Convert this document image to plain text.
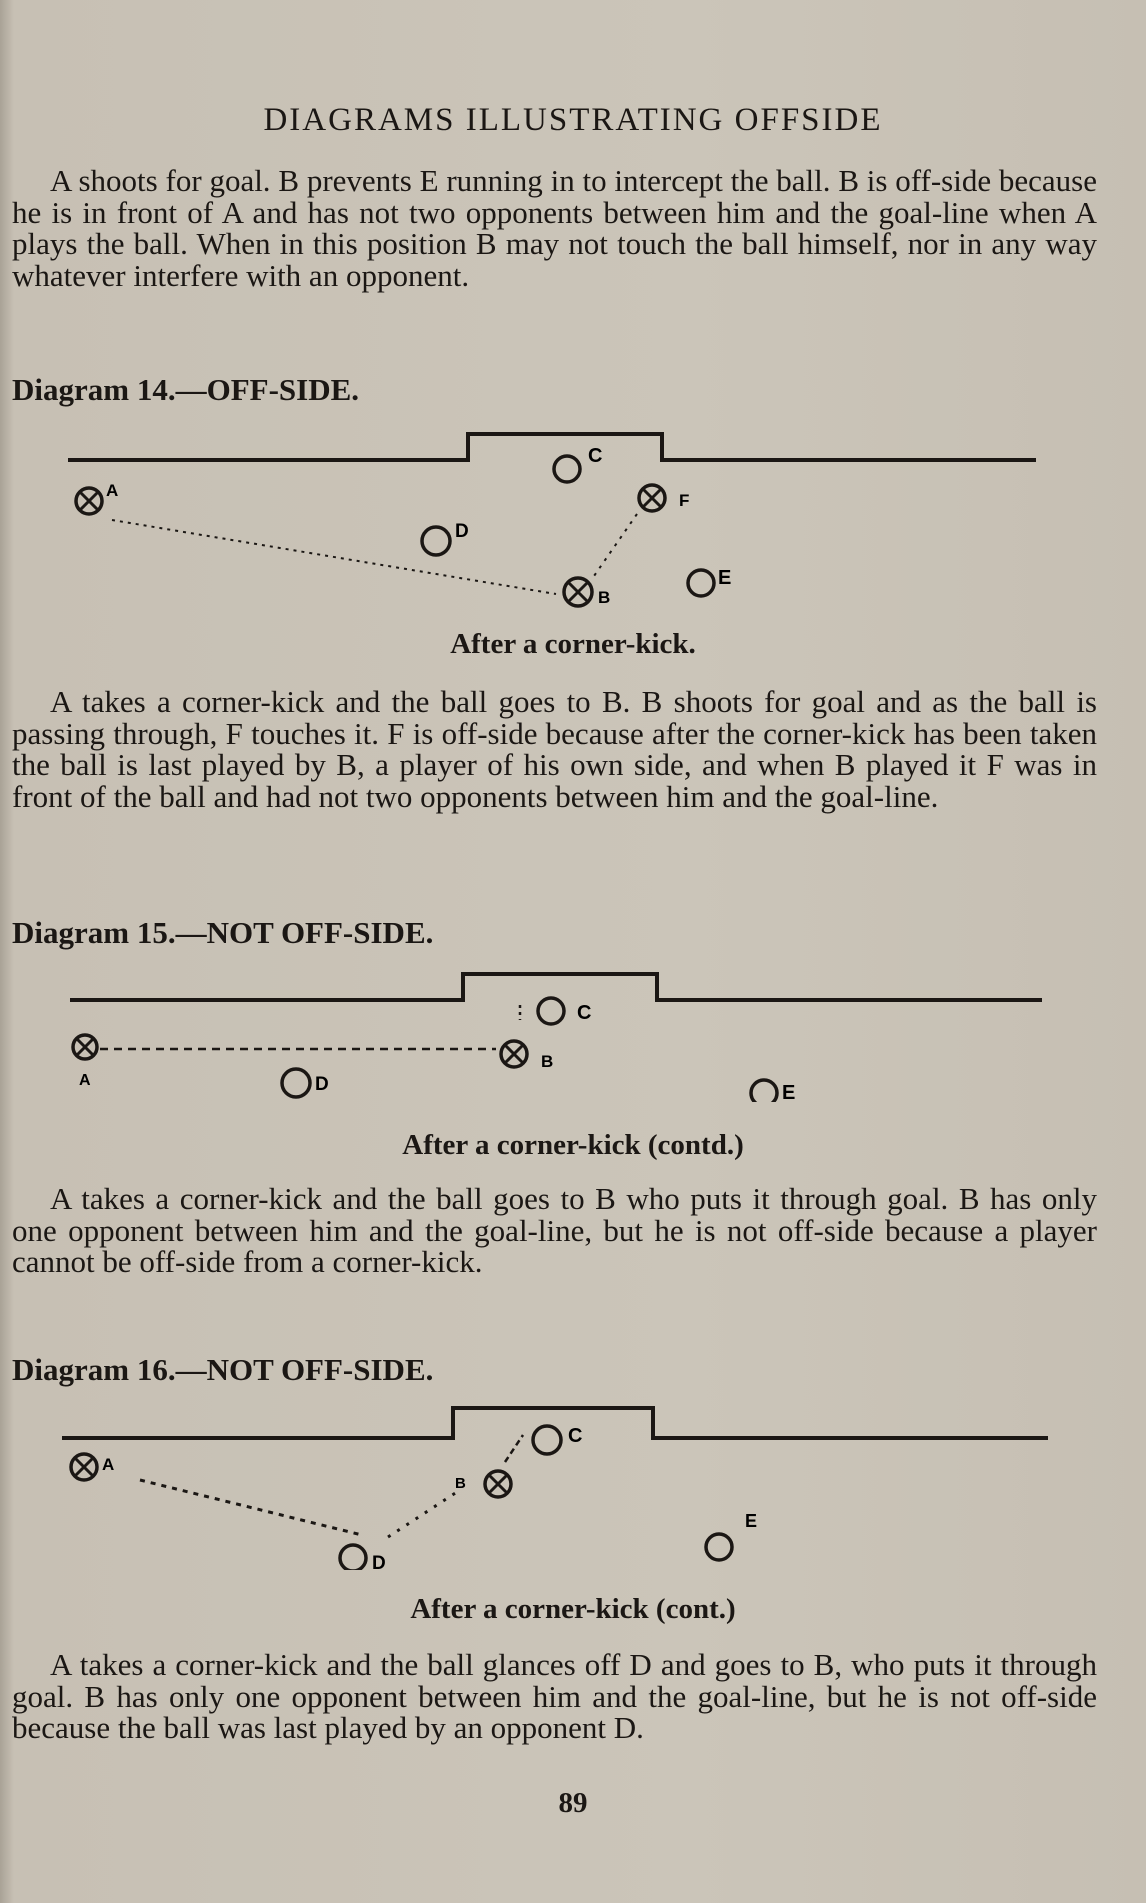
DIAGRAMS ILLUSTRATING OFFSIDE
A shoots for goal. B prevents E running in to intercept the ball. B is off-side because he is in front of A and has not two opponents between him and the goal-line when A plays the ball. When in this position B may not touch the ball himself, nor in any way whatever interfere with an opponent.
Diagram 14.—OFF-SIDE.
A
C
F
D
B
E
After a corner-kick.
A takes a corner-kick and the ball goes to B. B shoots for goal and as the ball is passing through, F touches it. F is off-side because after the corner-kick has been taken the ball is last played by B, a player of his own side, and when B played it F was in front of the ball and had not two opponents between him and the goal-line.
Diagram 15.—NOT OFF-SIDE.
A
C
B
D	E
After a corner-kick (contd.)
A takes a corner-kick and the ball goes to B who puts it through goal. B has only one opponent between him and the goal-line, but he is not off-side because a player cannot be off-side from a corner-kick.
Diagram 16.—NOT OFF-SIDE.
A
C
B
D
E
After a corner-kick (cont.)
A takes a corner-kick and the ball glances off D and goes to B, who puts it through goal. B has only one opponent between him and the goal-line, but he is not off-side because the ball was last played by an opponent D.
89
